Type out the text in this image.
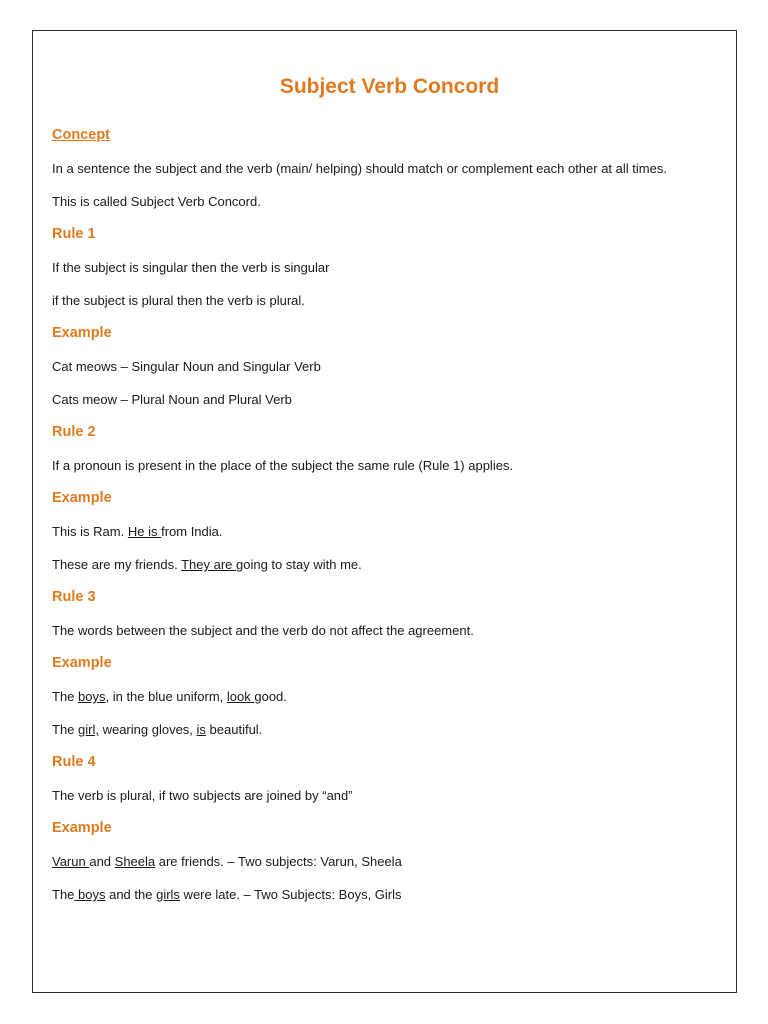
Subject Verb Concord
Concept
In a sentence the subject and the verb (main/ helping) should match or complement each other at all times.
This is called Subject Verb Concord.
Rule 1
If the subject is singular then the verb is singular
if the subject is plural then the verb is plural.
Example
Cat meows – Singular Noun and Singular Verb
Cats meow – Plural Noun and Plural Verb
Rule 2
If a pronoun is present in the place of the subject the same rule (Rule 1) applies.
Example
This is Ram. He is from India.
These are my friends. They are going to stay with me.
Rule 3
The words between the subject and the verb do not affect the agreement.
Example
The boys, in the blue uniform, look good.
The girl, wearing gloves, is beautiful.
Rule 4
The verb is plural, if two subjects are joined by “and”
Example
Varun and Sheela are friends. – Two subjects: Varun, Sheela
The boys and the girls were late. – Two Subjects: Boys, Girls
